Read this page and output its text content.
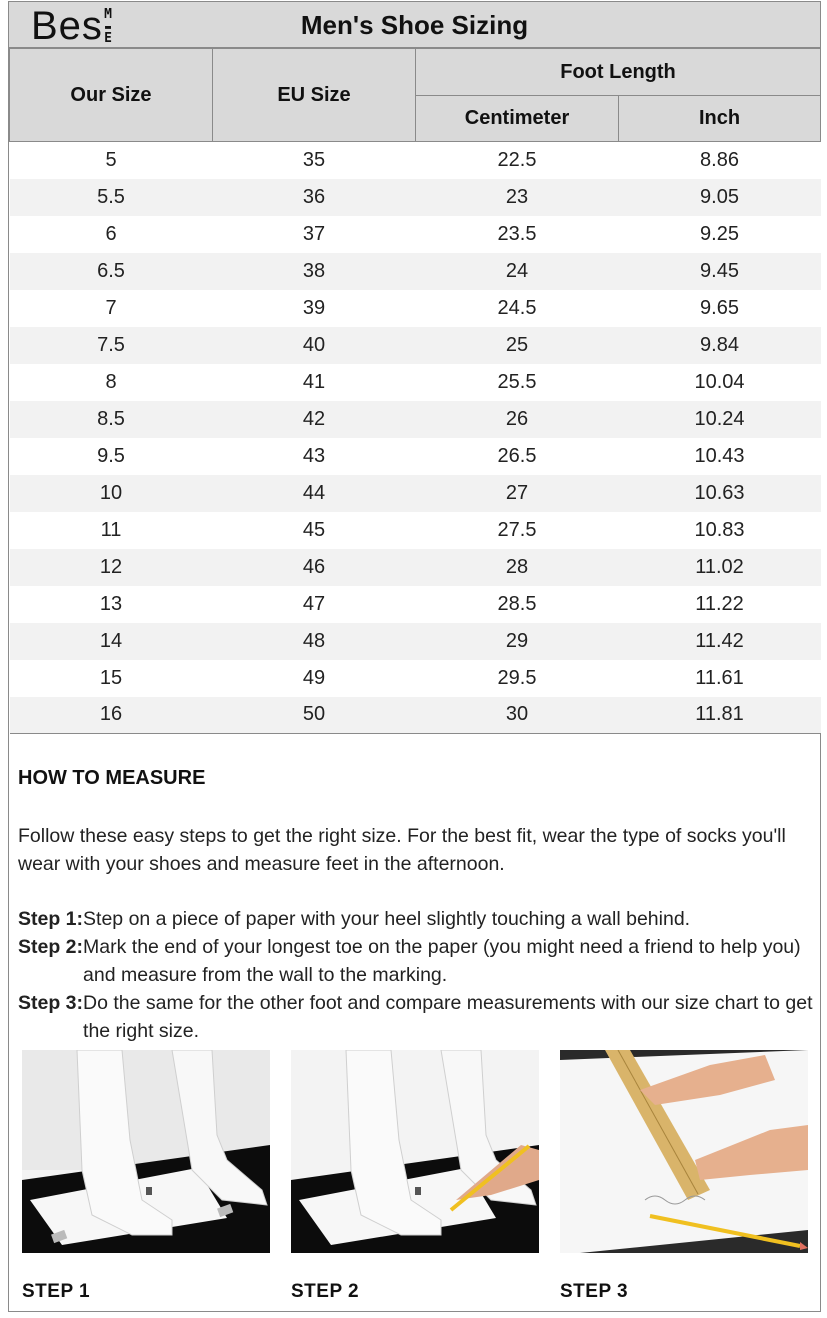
Bes M
▬
E	Men's Shoe Sizing
Our Size	EU Size	Foot Length	
		Centimeter	Inch
5	35	22.5	8.86
5.5	36	23	9.05
6	37	23.5	9.25
6.5	38	24	9.45
7	39	24.5	9.65
7.5	40	25	9.84
8	41	25.5	10.04
8.5	42	26	10.24
9.5	43	26.5	10.43
10	44	27	10.63
11	45	27.5	10.83
12	46	28	11.02
13	47	28.5	11.22
14	48	29	11.42
15	49	29.5	11.61
16	50	30	11.81
HOW TO MEASURE

Follow these easy steps to get the right size. For the best fit, wear the type of socks you'll wear with your shoes and measure feet in the afternoon.

Step 1: Step on a piece of paper with your heel slightly touching a wall behind.
Step 2: Mark the end of your longest toe on the paper (you might need a friend to help you) and measure from the wall to the marking.
Step 3: Do the same for the other foot and compare measurements with our size chart to get the right size.
STEP 1	STEP 2	STEP 3
